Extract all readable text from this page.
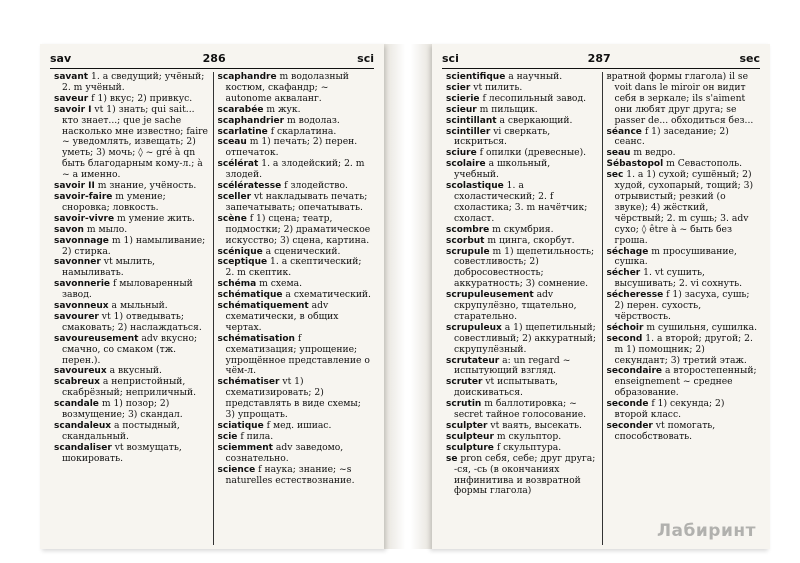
sav	286	sci

savant 1. a сведущий; учёный; 2. m учёный.

saveur f 1) вкус; 2) привкус.

savoir I vt 1) знать; qui sait... кто знает...; que je sache насколько мне известно; faire ~ уведомлять, извещать; 2) уметь; 3) мочь; ◊ ~ gré à qn быть благодарным кому-л.; à ~ а именно.

savoir II m знание, учёность.

savoir-faire m умение; сноровка; ловкость.

savoir-vivre m умение жить.

savon m мыло.

savonnage m 1) намыливание; 2) стирка.

savonner vt мылить, намыливать.

savonnerie f мыловаренный завод.

savonneux a мыльный.

savourer vt 1) отведывать; смаковать; 2) наслаждаться.

savoureusement adv вкусно; смачно, со смаком (тж. перен.).

savoureux a вкусный.

scabreux a непристойный, скабрёзный; неприличный.

scandale m 1) позор; 2) возмущение; 3) скандал.

scandaleux a постыдный, скандальный.

scandaliser vt возмущать, шокировать.

scaphandre m водолазный костюм, скафандр; ~ autonome акваланг.

scarabée m жук.

scaphandrier m водолаз.

scarlatine f скарлатина.

sceau m 1) печать; 2) перен. отпечаток.

scélérat 1. a злодейский; 2. m злодей.

scélératesse f злодейство.

sceller vt накладывать печать; запечатывать; опечатывать.

scène f 1) сцена; театр, подмостки; 2) драматическое искусство; 3) сцена, картина.

scénique a сценический.

sceptique 1. a скептический; 2. m скептик.

schéma m схема.

schématique a схематический.

schématiquement adv схематически, в общих чертах.

schématisation f схематизация; упрощение; упрощённое представление о чём-л.

schématiser vt 1) схематизировать; 2) представлять в виде схемы; 3) упрощать.

sciatique f мед. ишиас.

scie f пила.

sciemment adv заведомо, сознательно.

science f наука; знание; ~s naturelles естествознание.

sci	287	sec

scientifique a научный.

scier vt пилить.

scierie f лесопильный завод.

scieur m пильщик.

scintillant a сверкающий.

scintiller vi сверкать, искриться.

sciure f опилки (древесные).

scolaire a школьный, учебный.

scolastique 1. a схоластический; 2. f схоластика; 3. m начётчик; схоласт.

scombre m скумбрия.

scorbut m цинга, скорбут.

scrupule m 1) щепетильность; совестливость; 2) добросовестность; аккуратность; 3) сомнение.

scrupuleusement adv скрупулёзно, тщательно, старательно.

scrupuleux a 1) щепетильный; совестливый; 2) аккуратный; скрупулёзный.

scrutateur a: un regard ~ испытующий взгляд.

scruter vt испытывать, доискиваться.

scrutin m баллотировка; ~ secret тайное голосование.

sculpter vt ваять, высекать.

sculpteur m скульптор.

sculpture f скульптура.

se pron себя, себе; друг друга; -ся, -сь (в окончаниях инфинитива и возвратной формы глагола)

вратной формы глагола) il se voit dans le miroir он видит себя в зеркале; ils s'aiment они любят друг друга; se passer de... обходиться без...

séance f 1) заседание; 2) сеанс.

seau m ведро.

Sébastopol m Севастополь.

sec 1. a 1) сухой; сушёный; 2) худой, сухопарый, тощий; 3) отрывистый; резкий (о звуке); 4) жёсткий, чёрствый; 2. m сушь; 3. adv сухо; ◊ être à ~ быть без гроша.

séchage m просушивание, сушка.

sécher 1. vt сушить, высушивать; 2. vi сохнуть.

sécheresse f 1) засуха, сушь; 2) перен. сухость, чёрствость.

séchoir m сушильня, сушилка.

second 1. a второй; другой; 2. m 1) помощник; 2) секундант; 3) третий этаж.

secondaire a второстепенный; enseignement ~ среднее образование.

seconde f 1) секунда; 2) второй класс.

seconder vt помогать, способствовать.

Лабиринт
